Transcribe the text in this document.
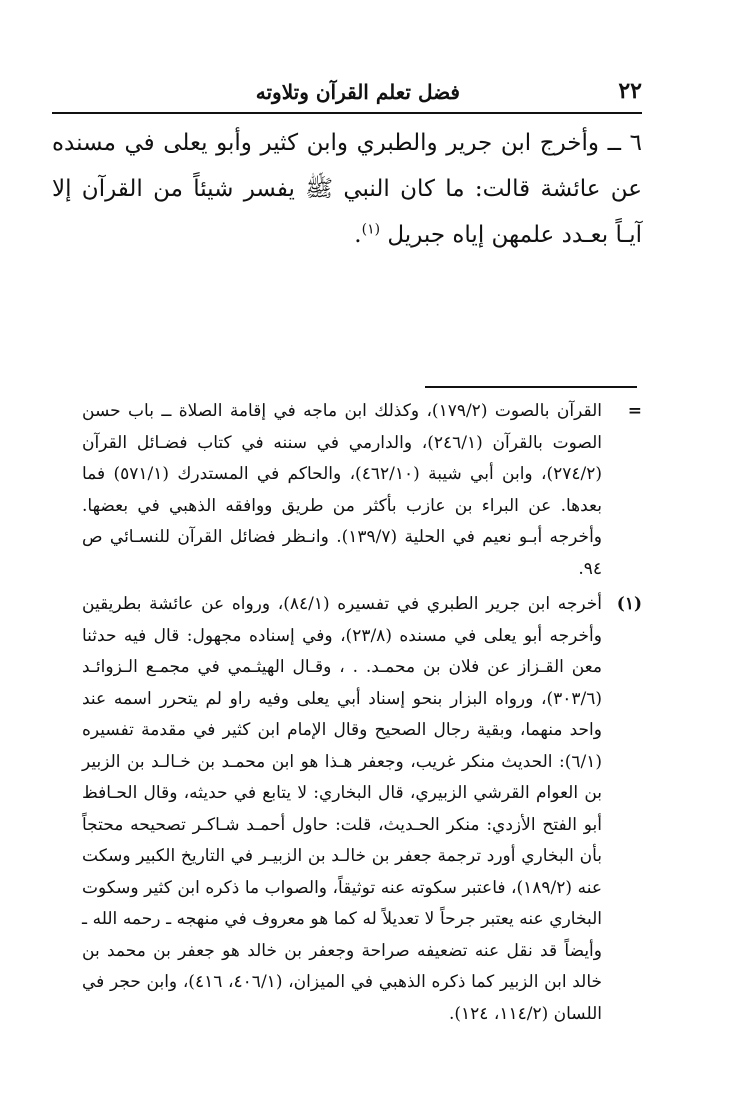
٢٢
فضل تعلم القرآن وتلاوته

٦ ــ وأخرج ابن جرير والطبري وابن كثير وأبو يعلى في مسنده عن عائشة قالت: ما كان النبي ﷺ يفسر شيئاً من القرآن إلا آيـاً بعـدد علمهن إياه جبريل $^{(١)}$.

=
القرآن بالصوت (١٧٩/٢)، وكذلك ابن ماجه في إقامة الصلاة ــ باب حسن الصوت بالقرآن (٢٤٦/١)، والدارمي في سننه في كتاب فضـائل القرآن (٢٧٤/٢)، وابن أبي شيبة (٤٦٢/١٠)، والحاكم في المستدرك (٥٧١/١) فما بعدها. عن البراء بن عازب بأكثر من طريق ووافقه الذهبي في بعضها. وأخرجه أبـو نعيم في الحلية (١٣٩/٧). وانـظر فضائل القرآن للنسـائي ص ٩٤.

(١)
أخرجه ابن جرير الطبري في تفسيره (٨٤/١)، ورواه عن عائشة بطريقين وأخرجه أبو يعلى في مسنده (٢٣/٨)، وفي إسناده مجهول: قال فيه حدثنا معن القـزاز عن فلان بن محمـد. . ، وقـال الهيثـمي في مجمـع الـزوائـد (٣٠٣/٦)، ورواه البزار بنحو إسناد أبي يعلى وفيه راو لم يتحرر اسمه عند واحد منهما، وبقية رجال الصحيح وقال الإمام ابن كثير في مقدمة تفسيره (٦/١): الحديث منكر غريب، وجعفر هـذا هو ابن محمـد بن خـالـد بن الزبير بن العوام القرشي الزبيري، قال البخاري: لا يتابع في حديثه، وقال الحـافظ أبو الفتح الأزدي: منكر الحـديث، قلت: حاول أحمـد شـاكـر تصحيحه محتجاً بأن البخاري أورد ترجمة جعفر بن خالـد بن الزبيـر في التاريخ الكبير وسكت عنه (١٨٩/٢)، فاعتبر سكوته عنه توثيقاً، والصواب ما ذكره ابن كثير وسكوت البخاري عنه يعتبر جرحاً لا تعديلاً له كما هو معروف في منهجه ـ رحمه الله ـ وأيضاً قد نقل عنه تضعيفه صراحة وجعفر بن خالد هو جعفر بن محمد بن خالد ابن الزبير كما ذكره الذهبي في الميزان، (٤٠٦/١، ٤١٦)، وابن حجر في اللسان (١١٤/٢، ١٢٤).
